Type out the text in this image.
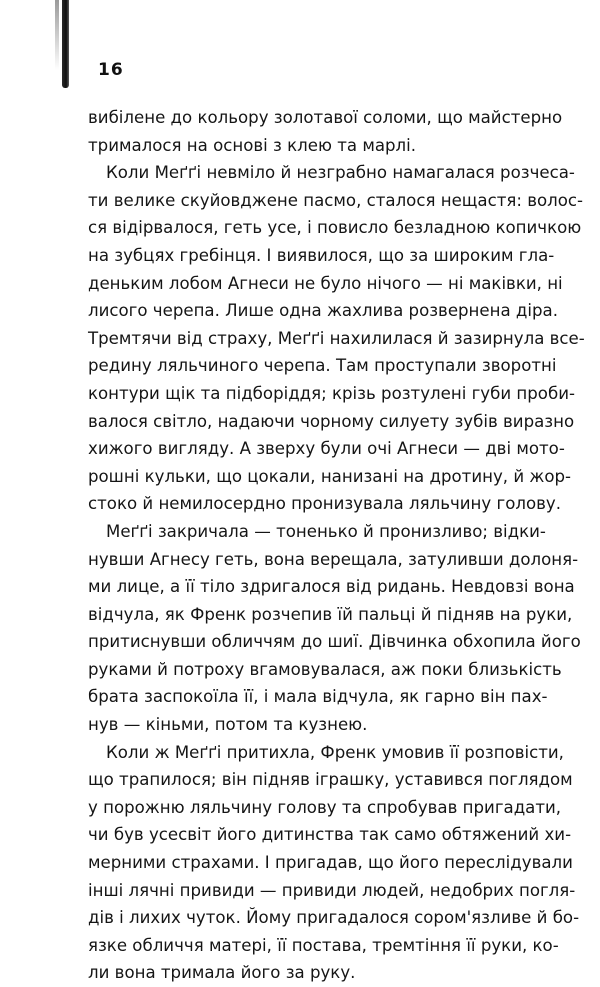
16
вибілене до кольору золотавої соломи, що майстерно
трималося на основі з клею та марлі.
Коли Меґґі невміло й незграбно намагалася розчеса-
ти велике скуйовджене пасмо, сталося нещастя: волос-
ся відірвалося, геть усе, і повисло безладною копичкою
на зубцях гребінця. І виявилося, що за широким гла-
деньким лобом Агнеси не було нічого — ні маківки, ні
лисого черепа. Лише одна жахлива розвернена діра.
Тремтячи від страху, Меґґі нахилилася й зазирнула все-
редину ляльчиного черепа. Там проступали зворотні
контури щік та підборіддя; крізь розтулені губи проби-
валося світло, надаючи чорному силуету зубів виразно
хижого вигляду. А зверху були очі Агнеси — дві мото-
рошні кульки, що цокали, нанизані на дротину, й жор-
стоко й немилосердно пронизувала ляльчину голову.
Меґґі закричала — тоненько й пронизливо; відки-
нувши Агнесу геть, вона верещала, затуливши долоня-
ми лице, а її тіло здригалося від ридань. Невдовзі вона
відчула, як Френк розчепив їй пальці й підняв на руки,
притиснувши обличчям до шиї. Дівчинка обхопила його
руками й потроху вгамовувалася, аж поки близькість
брата заспокоїла її, і мала відчула, як гарно він пах-
нув — кіньми, потом та кузнею.
Коли ж Меґґі притихла, Френк умовив її розповісти,
що трапилося; він підняв іграшку, уставився поглядом
у порожню ляльчину голову та спробував пригадати,
чи був усесвіт його дитинства так само обтяжений хи-
мерними страхами. І пригадав, що його переслідували
інші лячні привиди — привиди людей, недобрих погля-
дів і лихих чуток. Йому пригадалося сором'язливе й бо-
язке обличчя матері, її постава, тремтіння її руки, ко-
ли вона тримала його за руку.
